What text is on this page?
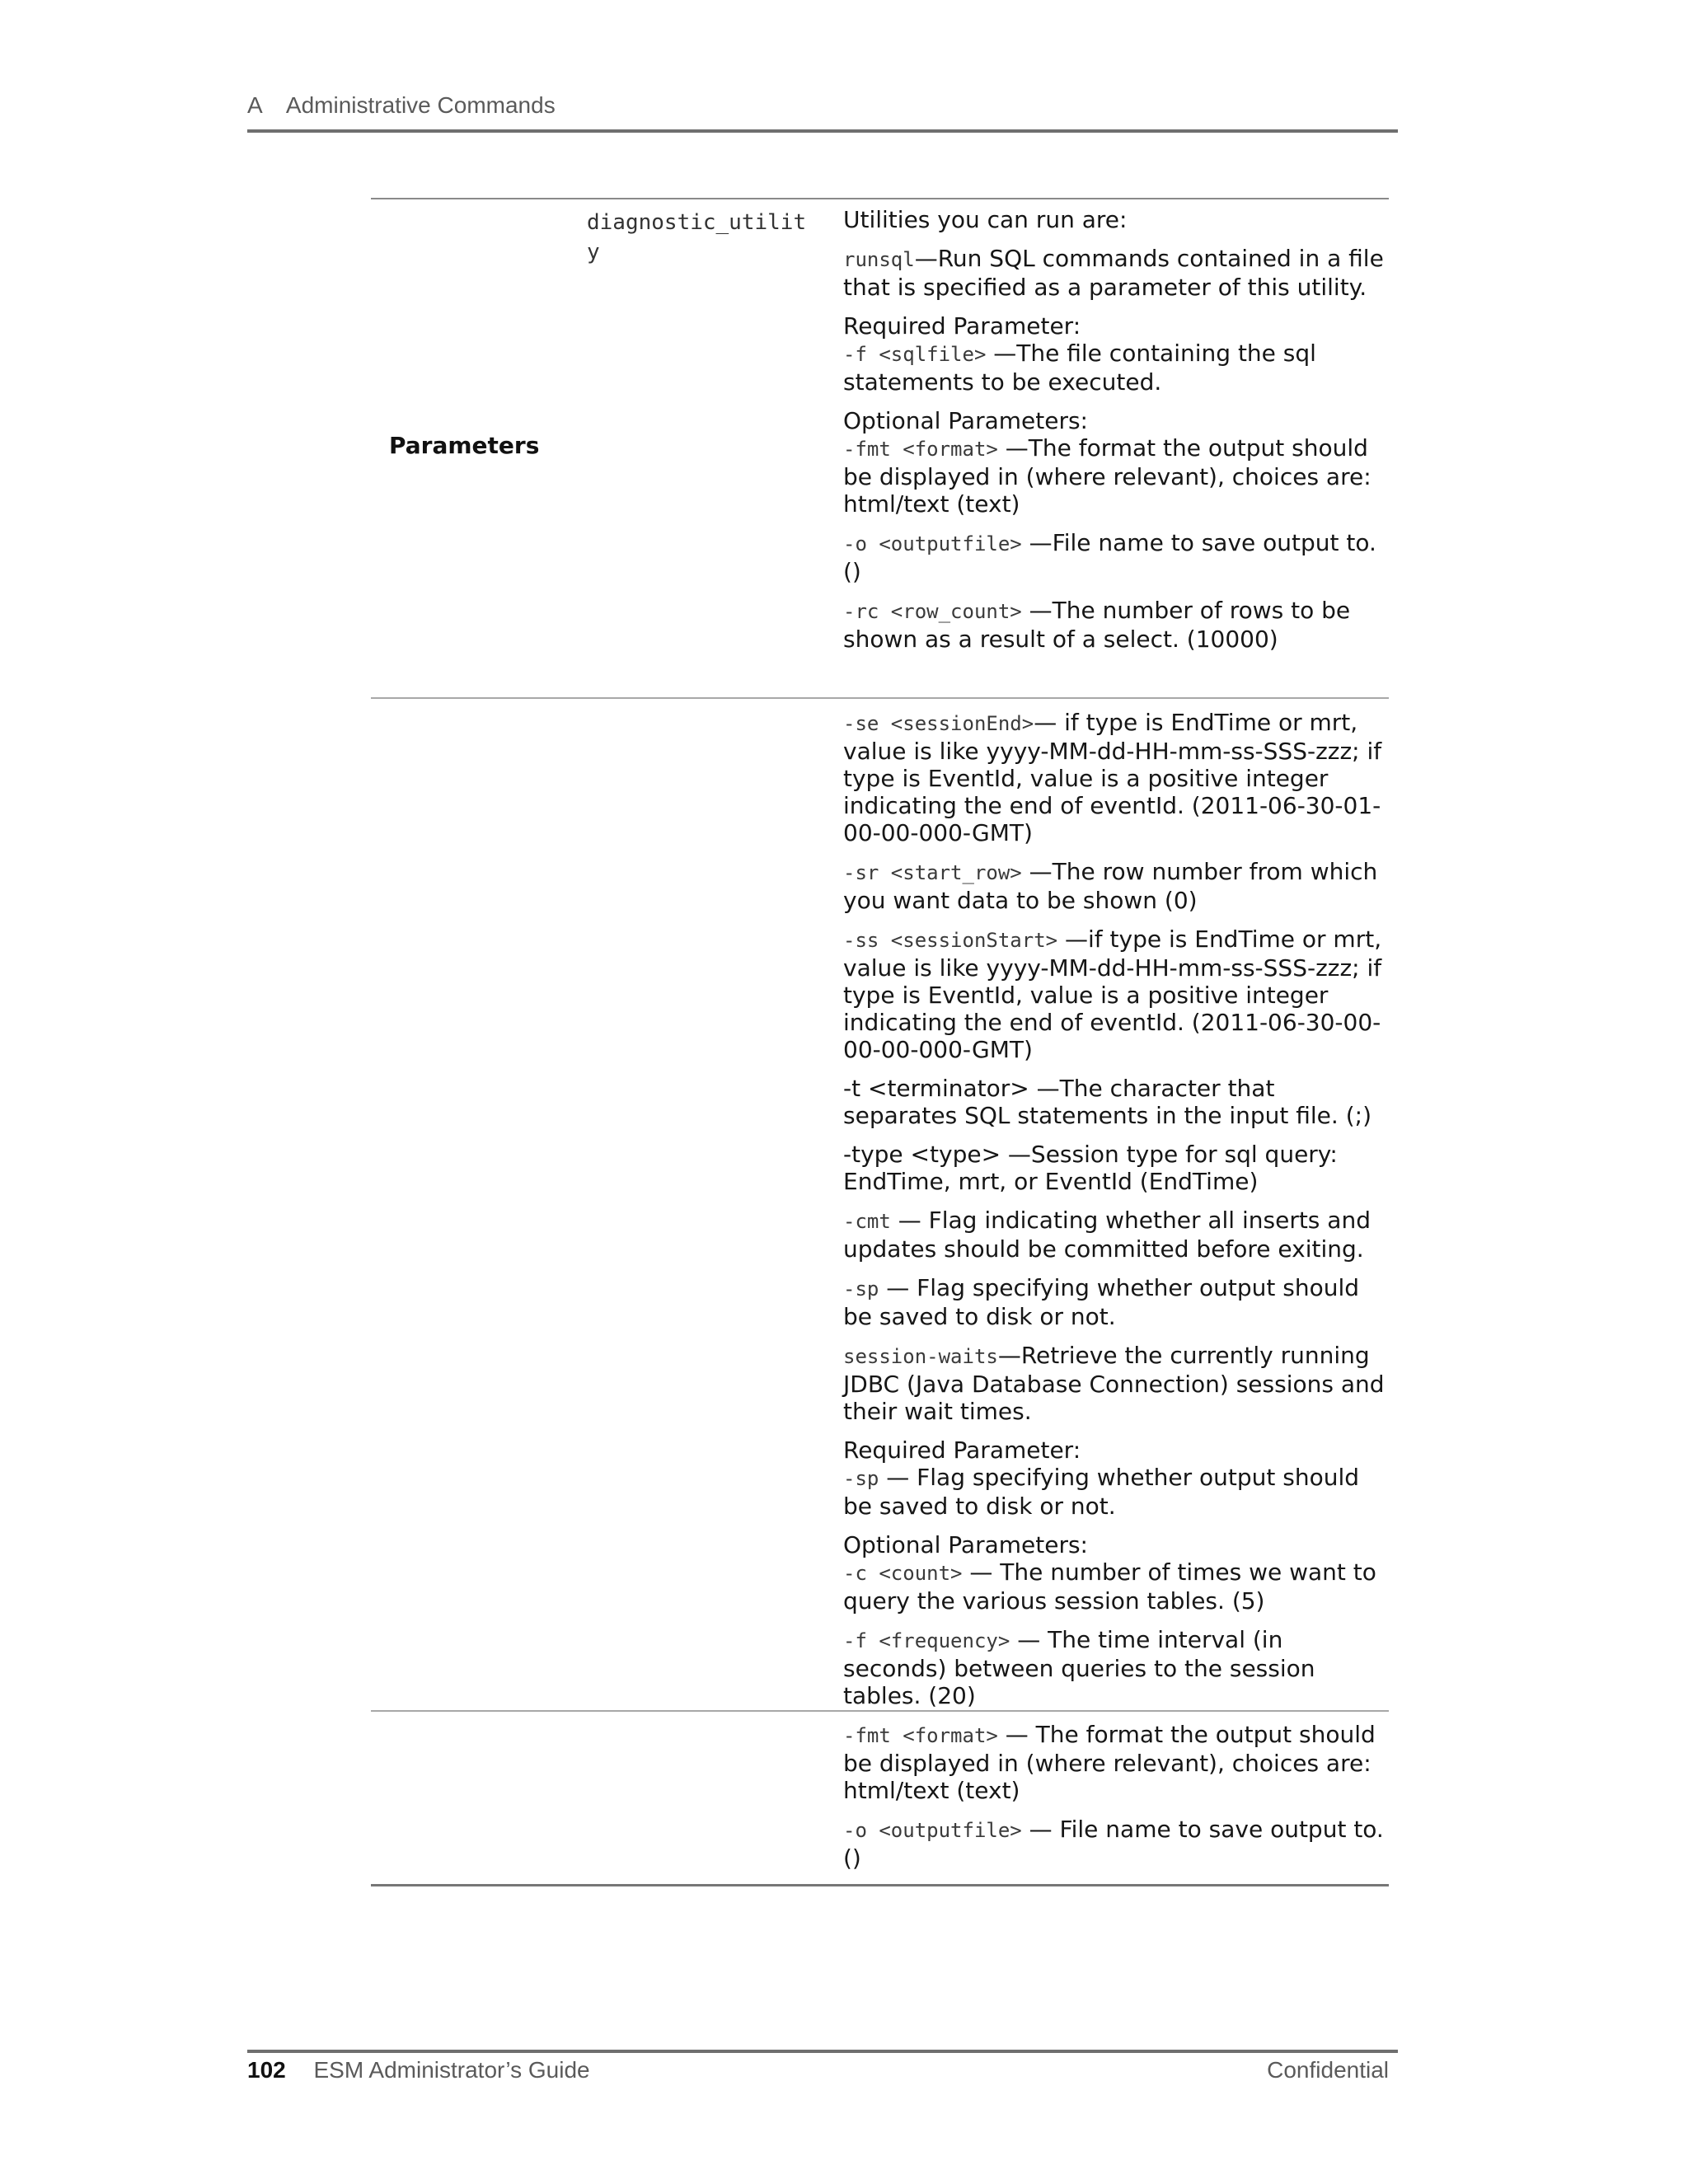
A Administrative Commands
Parameters
diagnostic_utility

Utilities you can run are:

runsql—Run SQL commands contained in a file that is specified as a parameter of this utility.

Required Parameter:
-f <sqlfile> —The file containing the sql statements to be executed.

Optional Parameters:
-fmt <format> —The format the output should be displayed in (where relevant), choices are: html/text (text)

-o <outputfile> —File name to save output to. ()

-rc <row_count> —The number of rows to be shown as a result of a select. (10000)

-se <sessionEnd>— if type is EndTime or mrt, value is like yyyy-MM-dd-HH-mm-ss-SSS-zzz; if type is EventId, value is a positive integer indicating the end of eventId. (2011-06-30-01-00-00-000-GMT)

-sr <start_row> —The row number from which you want data to be shown (0)

-ss <sessionStart> —if type is EndTime or mrt, value is like yyyy-MM-dd-HH-mm-ss-SSS-zzz; if type is EventId, value is a positive integer indicating the end of eventId. (2011-06-30-00-00-00-000-GMT)

-t <terminator> —The character that separates SQL statements in the input file. (;)

-type <type> —Session type for sql query: EndTime, mrt, or EventId (EndTime)

-cmt — Flag indicating whether all inserts and updates should be committed before exiting.

-sp — Flag specifying whether output should be saved to disk or not.

session-waits—Retrieve the currently running JDBC (Java Database Connection) sessions and their wait times.

Required Parameter:
-sp — Flag specifying whether output should be saved to disk or not.

Optional Parameters:
-c <count> — The number of times we want to query the various session tables. (5)

-f <frequency> — The time interval (in seconds) between queries to the session tables. (20)

-fmt <format> — The format the output should be displayed in (where relevant), choices are: html/text (text)

-o <outputfile> — File name to save output to. ()

102 ESM Administrator’s Guide	Confidential
